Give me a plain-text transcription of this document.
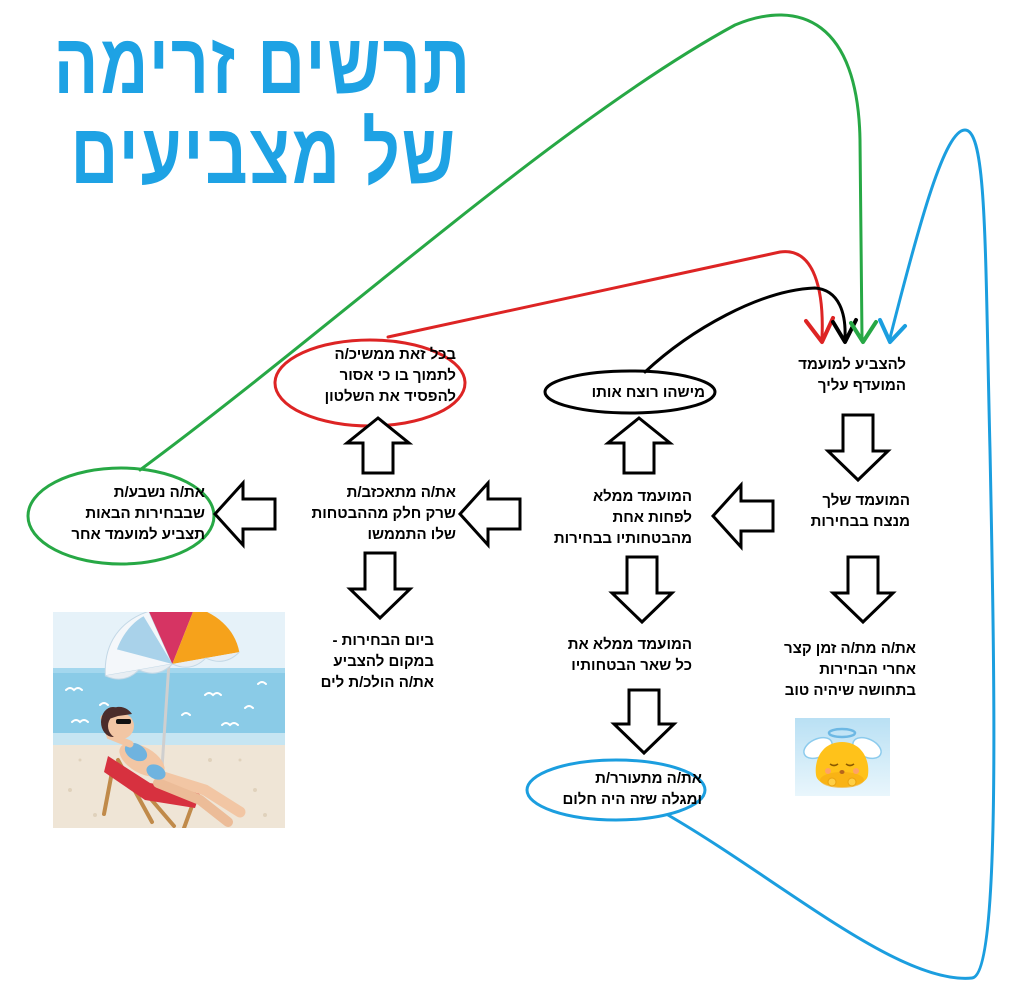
תרשים זרימה
של מצביעים
להצביע למועמד
המועדף עליך
המועמד שלך
מנצח בבחירות
את/ה מת/ה זמן קצר
אחרי הבחירות
בתחושה שיהיה טוב
המועמד ממלא
לפחות אחת
מהבטחותיו בבחירות
מישהו רוצח אותו
המועמד ממלא את
כל שאר הבטחותיו
את/ה מתעורר/ת
ומגלה שזה היה חלום
את/ה מתאכזב/ת
שרק חלק מההבטחות
שלו התממשו
בכל זאת ממשיכ/ה
לתמוך בו כי אסור
להפסיד את השלטון
ביום הבחירות -
במקום להצביע
את/ה הולכ/ת לים
את/ה נשבע/ת
שבבחירות הבאות
תצביע למועמד אחר
